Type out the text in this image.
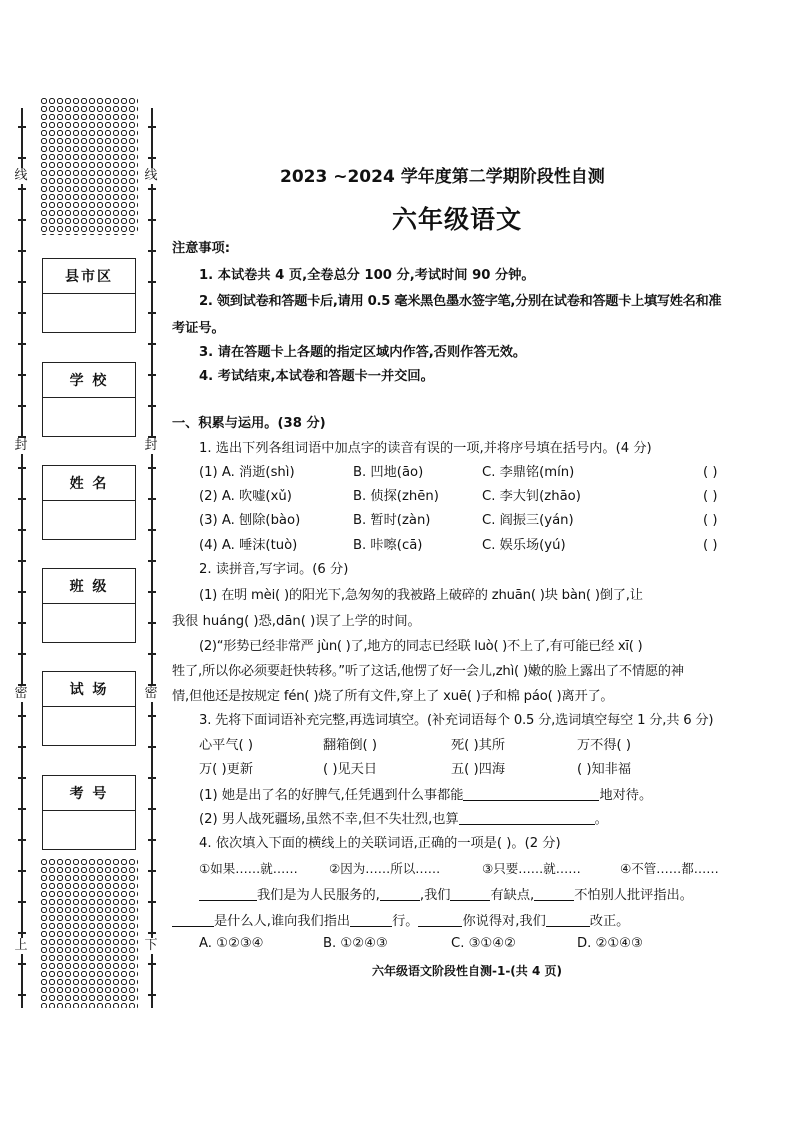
线
封
密
上
线
封
密
下
县市区
学 校
姓 名
班 级
试 场
考 号
2023 ~2024 学年度第二学期阶段性自测
六年级语文
注意事项:
1. 本试卷共 4 页,全卷总分 100 分,考试时间 90 分钟。
2. 领到试卷和答题卡后,请用 0.5 毫米黑色墨水签字笔,分别在试卷和答题卡上填写姓名和准
考证号。
3. 请在答题卡上各题的指定区域内作答,否则作答无效。
4. 考试结束,本试卷和答题卡一并交回。
一、积累与运用。(38 分)
1. 选出下列各组词语中加点字的读音有误的一项,并将序号填在括号内。(4 分)
(1) A. 消逝(shì)	B. 凹地(āo)	C. 李鼎铭(mín)	( )
(2) A. 吹嘘(xǔ)	B. 侦探(zhēn)	C. 李大钊(zhāo)	( )
(3) A. 刨除(bào)	B. 暂时(zàn)	C. 阎振三(yán)	( )
(4) A. 唾沫(tuò)	B. 咔嚓(cā)	C. 娱乐场(yú)	( )
2. 读拼音,写字词。(6 分)
(1) 在明 mèi( )的阳光下,急匆匆的我被路上破碎的 zhuān( )块 bàn( )倒了,让
我很 huáng( )恐,dān( )误了上学的时间。
(2)“形势已经非常严 jùn( )了,地方的同志已经联 luò( )不上了,有可能已经 xī( )
牲了,所以你必须要赶快转移。”听了这话,他愣了好一会儿,zhì( )嫩的脸上露出了不情愿的神
情,但他还是按规定 fén( )烧了所有文件,穿上了 xuē( )子和棉 páo( )离开了。
3. 先将下面词语补充完整,再选词填空。(补充词语每个 0.5 分,选词填空每空 1 分,共 6 分)
心平气( )	翻箱倒( )	死( )其所	万不得( )
万( )更新	( )见天日	五( )四海	( )知非福
(1) 她是出了名的好脾气,任凭遇到什么事都能	地对待。
(2) 男人战死疆场,虽然不幸,但不失壮烈,也算	。
4. 依次填入下面的横线上的关联词语,正确的一项是( )。(2 分)
①如果……就……	②因为……所以……	③只要……就……	④不管……都……
我们是为人民服务的,	,我们	有缺点,	不怕别人批评指出。
是什么人,谁向我们指出	行。	你说得对,我们	改正。
A. ①②③④	B. ①②④③	C. ③①④②	D. ②①④③
六年级语文阶段性自测-1-(共 4 页)
